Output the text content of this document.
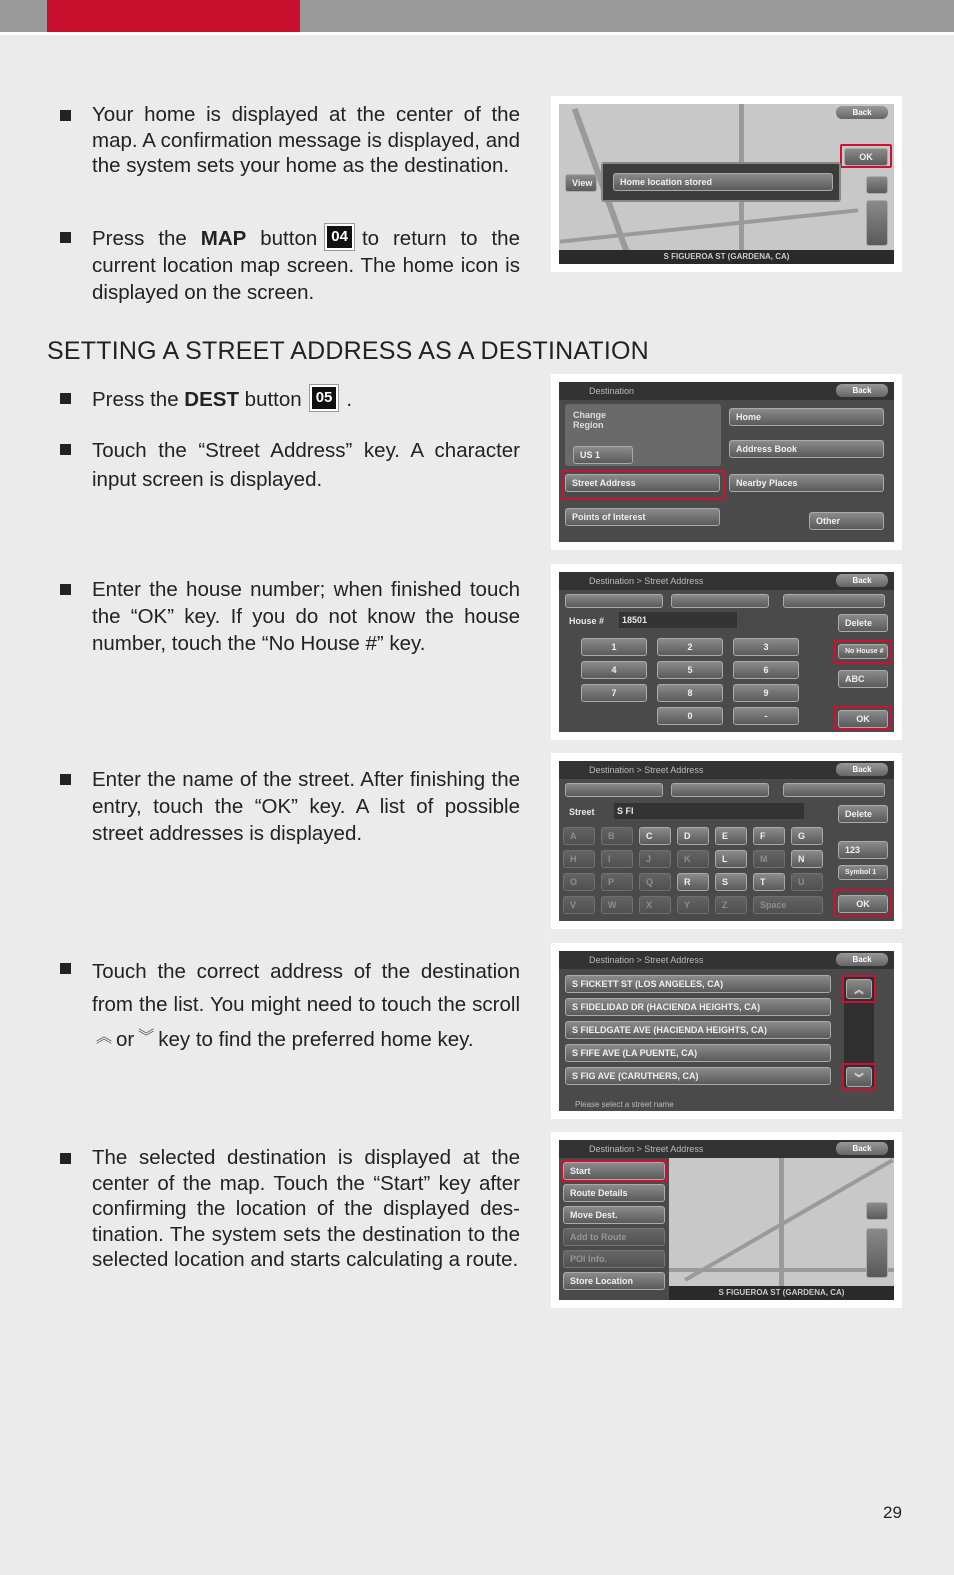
Your home is displayed at the center of the map. A confirmation message is displayed, and the system sets your home as the destination.
Press the MAP button 04 to return to the current location map screen. The home icon is displayed on the screen.
SETTING A STREET ADDRESS AS A DESTINATION
Press the DEST button 05 .
Touch the “Street Address” key. A character input screen is displayed.
Enter the house number; when finished touch the “OK” key. If you do not know the house number, touch the “No House #” key.
Enter the name of the street. After finishing the entry, touch the “OK” key. A list of possible street addresses is displayed.
Touch the correct address of the destination from the list. You might need to touch the scroll︽ or ︾ key to find the preferred home key.
The selected destination is displayed at the center of the map. Touch the “Start” key after confirming the location of the displayed destination. The system sets the destination to the selected location and starts calculating a route.
Back
OK
View	Home location stored
S FIGUEROA ST (GARDENA, CA)
Destination	Back
Change Region
US 1
Home
Address Book
Street Address	Nearby Places
Points of Interest	Other
Destination > Street Address	Back
House #	18501	Delete
1	2	3
4	5	6
7	8	9
0	-
No House #
ABC
OK
Destination > Street Address	Back
Street	S FI	Delete
A	B	C	D	E	F	G
H	I	J	K	L	M	N
O	P	Q	R	S	T	U
V	W	X	Y	Z	Space
123
Symbol 1
OK
Destination > Street Address	Back
S FICKETT ST (LOS ANGELES, CA)
S FIDELIDAD DR (HACIENDA HEIGHTS, CA)
S FIELDGATE AVE (HACIENDA HEIGHTS, CA)
S FIFE AVE (LA PUENTE, CA)
S FIG AVE (CARUTHERS, CA)
︽
︾
Please select a street name
Destination > Street Address	Back
Start
Route Details
Move Dest.
Add to Route
POI Info.
Store Location
S FIGUEROA ST (GARDENA, CA)
29
